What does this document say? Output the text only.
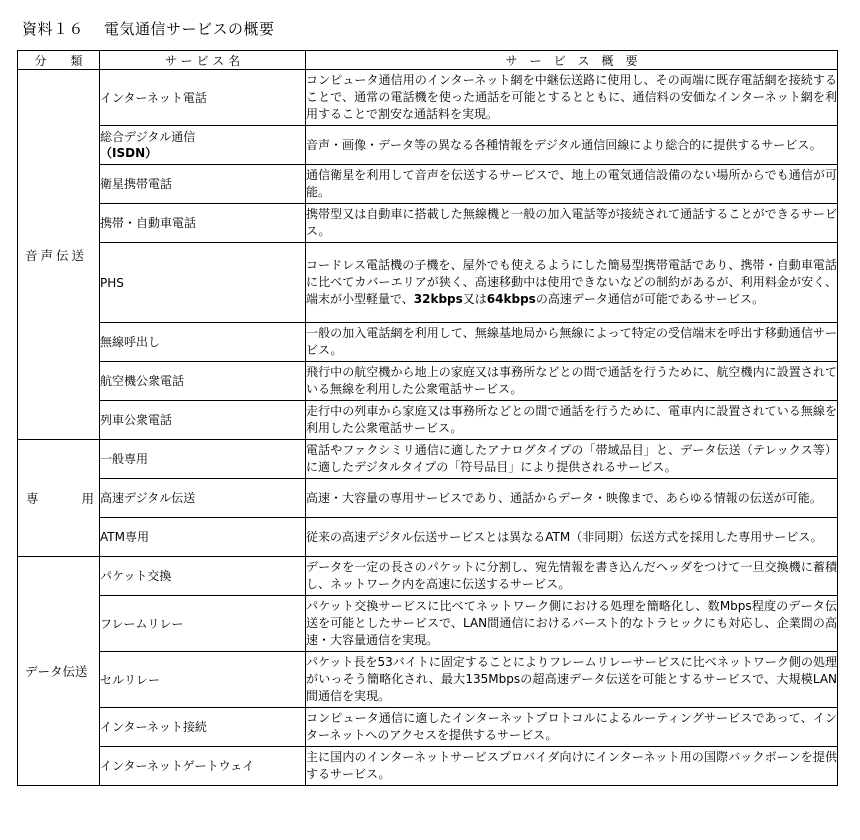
資料１６ 電気通信サービスの概要
分　　類	サ ー ビ ス 名	サ　ー　ビ　ス　概　要

音声伝送	インターネット電話	コンピュータ通信用のインターネット網を中継伝送路に使用し、その両端に既存電話網を接続することで、通常の電話機を使った通話を可能とするとともに、通信料の安価なインターネット網を利用することで割安な通話料を実現。
	総合デジタル通信
（ISDN）	音声・画像・データ等の異なる各種情報をデジタル通信回線により総合的に提供するサービス。
	衛星携帯電話	通信衛星を利用して音声を伝送するサービスで、地上の電気通信設備のない場所からでも通信が可能。
	携帯・自動車電話	携帯型又は自動車に搭載した無線機と一般の加入電話等が接続されて通話することができるサービス。
	PHS	コードレス電話機の子機を、屋外でも使えるようにした簡易型携帯電話であり、携帯・自動車電話に比べてカバーエリアが狭く、高速移動中は使用できないなどの制約があるが、利用料金が安く、端末が小型軽量で、32kbps又は64kbpsの高速データ通信が可能であるサービス。
	無線呼出し	一般の加入電話網を利用して、無線基地局から無線によって特定の受信端末を呼出す移動通信サービス。
	航空機公衆電話	飛行中の航空機から地上の家庭又は事務所などとの間で通話を行うために、航空機内に設置されている無線を利用した公衆電話サービス。
	列車公衆電話	走行中の列車から家庭又は事務所などとの間で通話を行うために、電車内に設置されている無線を利用した公衆電話サービス。

専 用	一般専用	電話やファクシミリ通信に適したアナログタイプの「帯域品目」と、データ伝送（テレックス等）に適したデジタルタイプの「符号品目」により提供されるサービス。
	高速デジタル伝送	高速・大容量の専用サービスであり、通話からデータ・映像まで、あらゆる情報の伝送が可能。
	ATM専用	従来の高速デジタル伝送サービスとは異なるATM（非同期）伝送方式を採用した専用サービス。

データ伝送	パケット交換	データを一定の長さのパケットに分割し、宛先情報を書き込んだヘッダをつけて一旦交換機に蓄積し、ネットワーク内を高速に伝送するサービス。
	フレームリレー	パケット交換サービスに比べてネットワーク側における処理を簡略化し、数Mbps程度のデータ伝送を可能としたサービスで、LAN間通信におけるバースト的なトラヒックにも対応し、企業間の高速・大容量通信を実現。
	セルリレー	パケット長を53バイトに固定することによりフレームリレーサービスに比べネットワーク側の処理がいっそう簡略化され、最大135Mbpsの超高速データ伝送を可能とするサービスで、大規模LAN間通信を実現。
	インターネット接続	コンピュータ通信に適したインターネットプロトコルによるルーティングサービスであって、インターネットへのアクセスを提供するサービス。
	インターネットゲートウェイ	主に国内のインターネットサービスプロバイダ向けにインターネット用の国際バックボーンを提供するサービス。
